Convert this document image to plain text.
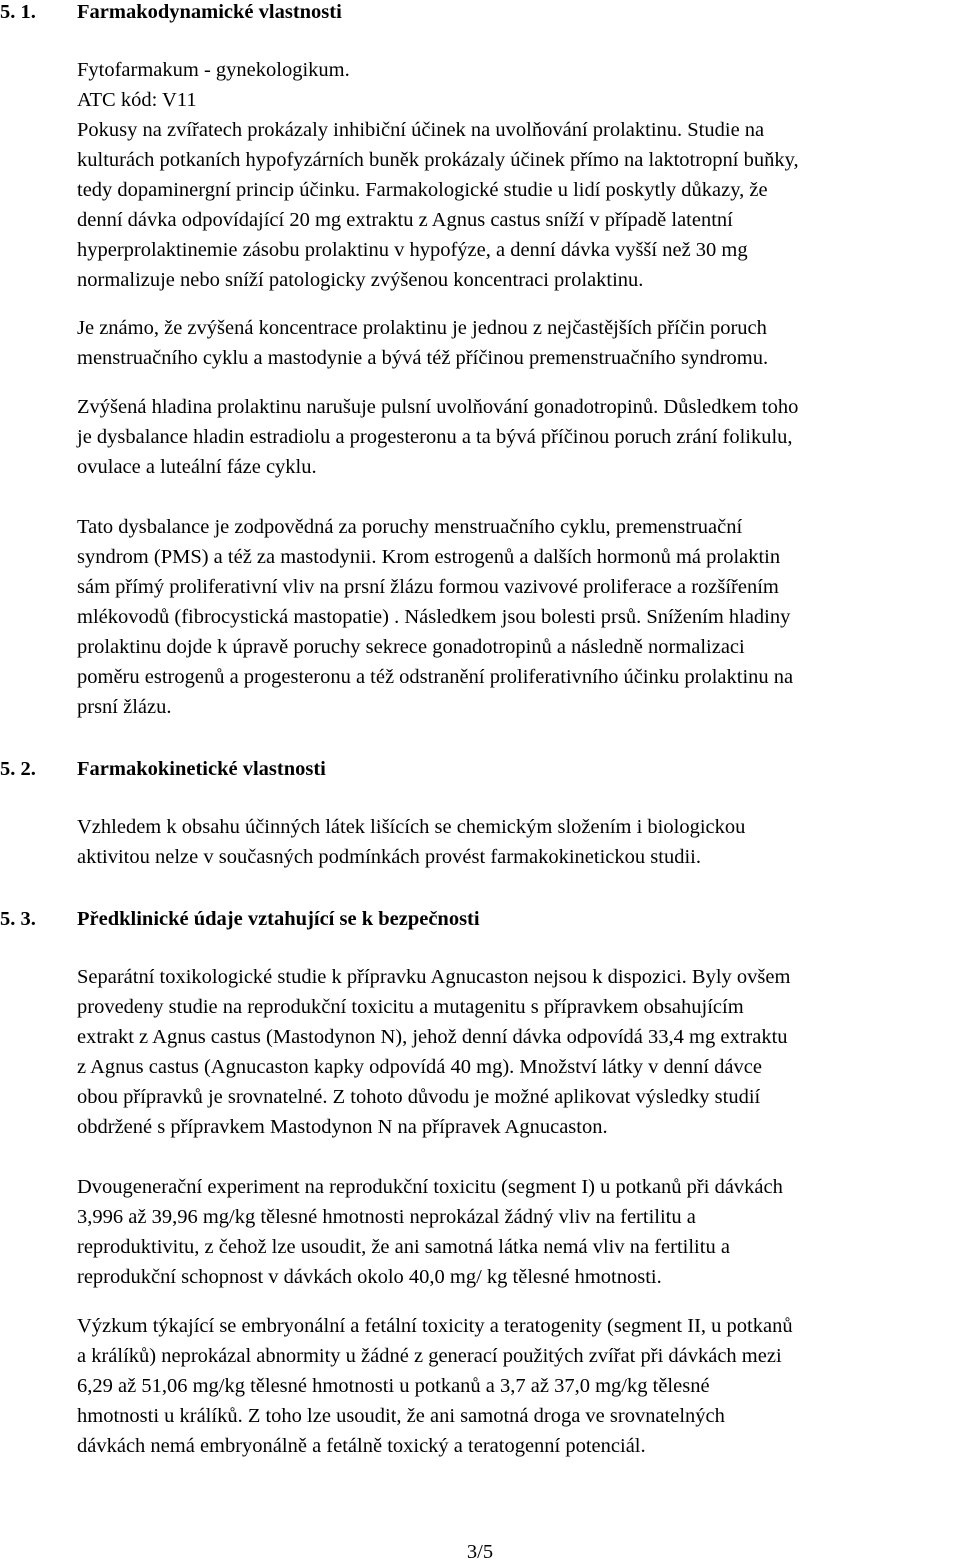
5. 1. Farmakodynamické vlastnosti
Fytofarmakum - gynekologikum.
ATC kód: V11
Pokusy na zvířatech prokázaly inhibiční účinek na uvolňování prolaktinu. Studie na
kulturách potkaních hypofyzárních buněk prokázaly účinek přímo na laktotropní buňky,
tedy dopaminergní princip účinku. Farmakologické studie u lidí poskytly důkazy, že
denní dávka odpovídající 20 mg extraktu z Agnus castus sníží v případě latentní
hyperprolaktinemie zásobu prolaktinu v hypofýze, a denní dávka vyšší než 30 mg
normalizuje nebo sníží patologicky zvýšenou koncentraci prolaktinu.
Je známo, že zvýšená koncentrace prolaktinu je jednou z nejčastějších příčin poruch
menstruačního cyklu a mastodynie a bývá též příčinou premenstruačního syndromu.
Zvýšená hladina prolaktinu narušuje pulsní uvolňování gonadotropinů. Důsledkem toho
je dysbalance hladin estradiolu a progesteronu a ta bývá příčinou poruch zrání folikulu,
ovulace a luteální fáze cyklu.
Tato dysbalance je zodpovědná za poruchy menstruačního cyklu, premenstruační
syndrom (PMS) a též za mastodynii. Krom estrogenů a dalších hormonů má prolaktin
sám přímý proliferativní vliv na prsní žlázu formou vazivové proliferace a rozšířením
mlékovodů (fibrocystická mastopatie) . Následkem jsou bolesti prsů. Snížením hladiny
prolaktinu dojde k úpravě poruchy sekrece gonadotropinů a následně normalizaci
poměru estrogenů a progesteronu a též odstranění proliferativního účinku prolaktinu na
prsní žlázu.
5. 2. Farmakokinetické vlastnosti
Vzhledem k obsahu účinných látek lišících se chemickým složením i biologickou
aktivitou nelze v současných podmínkách provést farmakokinetickou studii.
5. 3. Předklinické údaje vztahující se k bezpečnosti
Separátní toxikologické studie k přípravku Agnucaston nejsou k dispozici. Byly ovšem
provedeny studie na reprodukční toxicitu a mutagenitu s přípravkem obsahujícím
extrakt z Agnus castus (Mastodynon N), jehož denní dávka odpovídá 33,4 mg extraktu
z Agnus castus (Agnucaston kapky odpovídá 40 mg). Množství látky v denní dávce
obou přípravků je srovnatelné. Z tohoto důvodu je možné aplikovat výsledky studií
obdržené s přípravkem Mastodynon N na přípravek Agnucaston.
Dvougenerační experiment na reprodukční toxicitu (segment I) u potkanů při dávkách
3,996 až 39,96 mg/kg tělesné hmotnosti neprokázal žádný vliv na fertilitu a
reproduktivitu, z čehož lze usoudit, že ani samotná látka nemá vliv na fertilitu a
reprodukční schopnost v dávkách okolo 40,0 mg/ kg tělesné hmotnosti.
Výzkum týkající se embryonální a fetální toxicity a teratogenity (segment II, u potkanů
a králíků) neprokázal abnormity u žádné z generací použitých zvířat při dávkách mezi
6,29 až 51,06 mg/kg tělesné hmotnosti u potkanů a 3,7 až 37,0 mg/kg tělesné
hmotnosti u králíků. Z toho lze usoudit, že ani samotná droga ve srovnatelných
dávkách nemá embryonálně a fetálně toxický a teratogenní potenciál.
3/5
